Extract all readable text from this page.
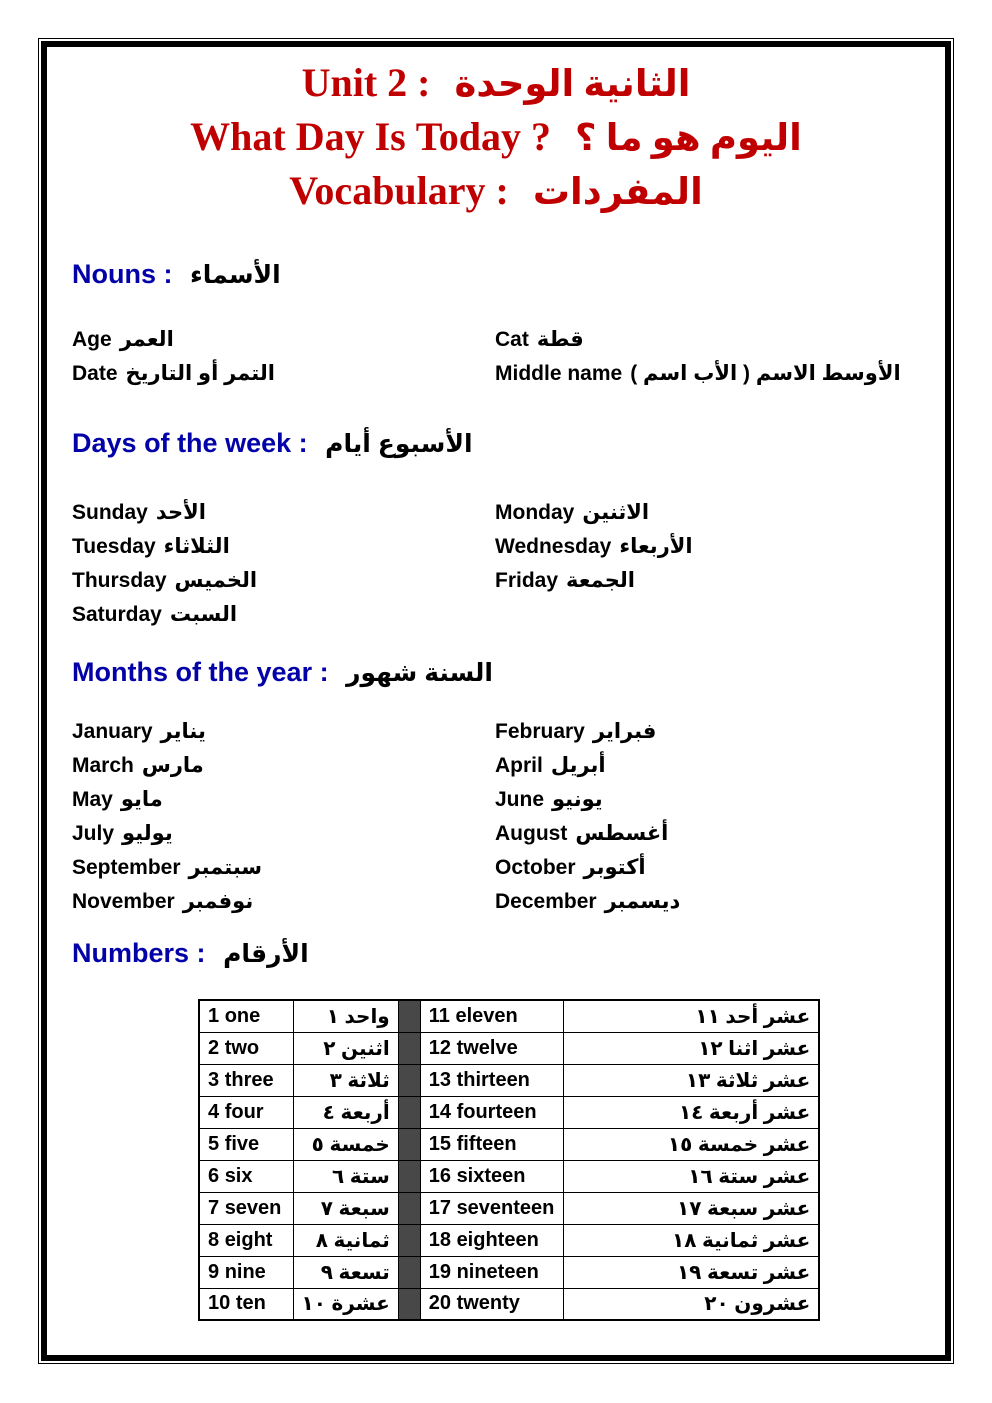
Unit 2 : الوحدة الثانية
What Day Is Today ? ؟ ما هو اليوم
Vocabulary : المفردات
Nouns : الأسماء
Age العمر	Cat قطة
Date التاريخ أو التمر	Middle name ( اسم الأب ) الاسم الأوسط
Days of the week : أيام الأسبوع
Sunday الأحد	Monday الاثنين
Tuesday الثلاثاء	Wednesday الأربعاء
Thursday الخميس	Friday الجمعة
Saturday السبت
Months of the year : شهور السنة
January يناير	February فبراير
March مارس	April أبريل
May مايو	June يونيو
July يوليو	August أغسطس
September سبتمبر	October أكتوبر
November نوفمبر	December ديسمبر
Numbers : الأرقام
1 one	١ واحد		11 eleven	١١ أحد عشر
2 two	٢ اثنين		12 twelve	١٢ اثنا عشر
3 three	٣ ثلاثة		13 thirteen	١٣ ثلاثة عشر
4 four	٤ أربعة		14 fourteen	١٤ أربعة عشر
5 five	٥ خمسة		15 fifteen	١٥ خمسة عشر
6 six	٦ ستة		16 sixteen	١٦ ستة عشر
7 seven	٧ سبعة		17 seventeen	١٧ سبعة عشر
8 eight	٨ ثمانية		18 eighteen	١٨ ثمانية عشر
9 nine	٩ تسعة		19 nineteen	١٩ تسعة عشر
10 ten	١٠ عشرة		20 twenty	٢٠ عشرون
